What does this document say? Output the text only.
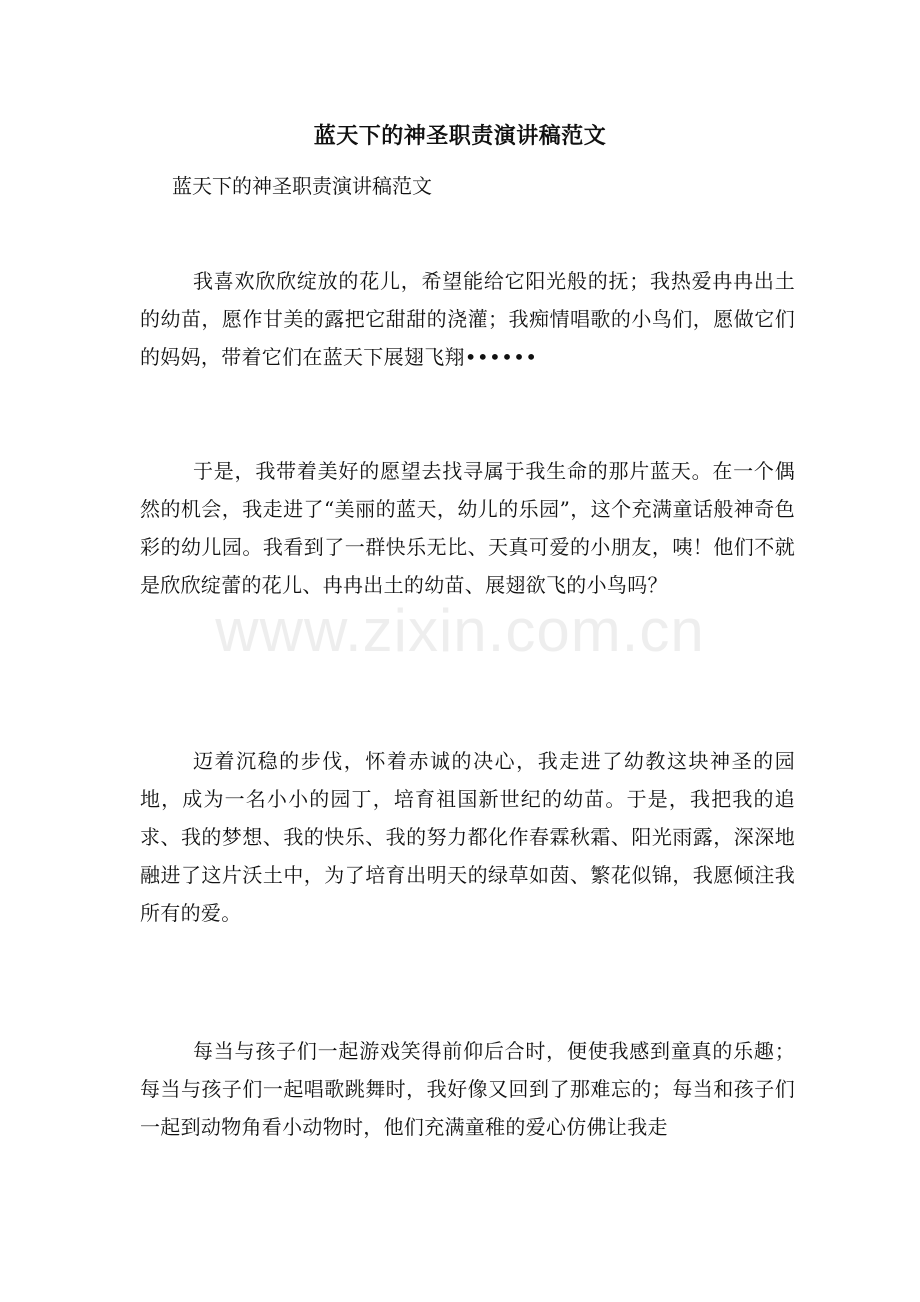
蓝天下的神圣职责演讲稿范文
蓝天下的神圣职责演讲稿范文
我喜欢欣欣绽放的花儿，希望能给它阳光般的抚；我热爱冉冉出土的幼苗，愿作甘美的露把它甜甜的浇灌；我痴情唱歌的小鸟们，愿做它们的妈妈，带着它们在蓝天下展翅飞翔••••••
于是，我带着美好的愿望去找寻属于我生命的那片蓝天。在一个偶然的机会，我走进了“美丽的蓝天，幼儿的乐园”，这个充满童话般神奇色彩的幼儿园。我看到了一群快乐无比、天真可爱的小朋友，咦！他们不就是欣欣绽蕾的花儿、冉冉出土的幼苗、展翅欲飞的小鸟吗？
迈着沉稳的步伐，怀着赤诚的决心，我走进了幼教这块神圣的园地，成为一名小小的园丁，培育祖国新世纪的幼苗。于是，我把我的追求、我的梦想、我的快乐、我的努力都化作春霖秋霜、阳光雨露，深深地融进了这片沃土中，为了培育出明天的绿草如茵、繁花似锦，我愿倾注我所有的爱。
每当与孩子们一起游戏笑得前仰后合时，便使我感到童真的乐趣；每当与孩子们一起唱歌跳舞时，我好像又回到了那难忘的；每当和孩子们一起到动物角看小动物时，他们充满童稚的爱心仿佛让我走
www.zixin.com.cn
